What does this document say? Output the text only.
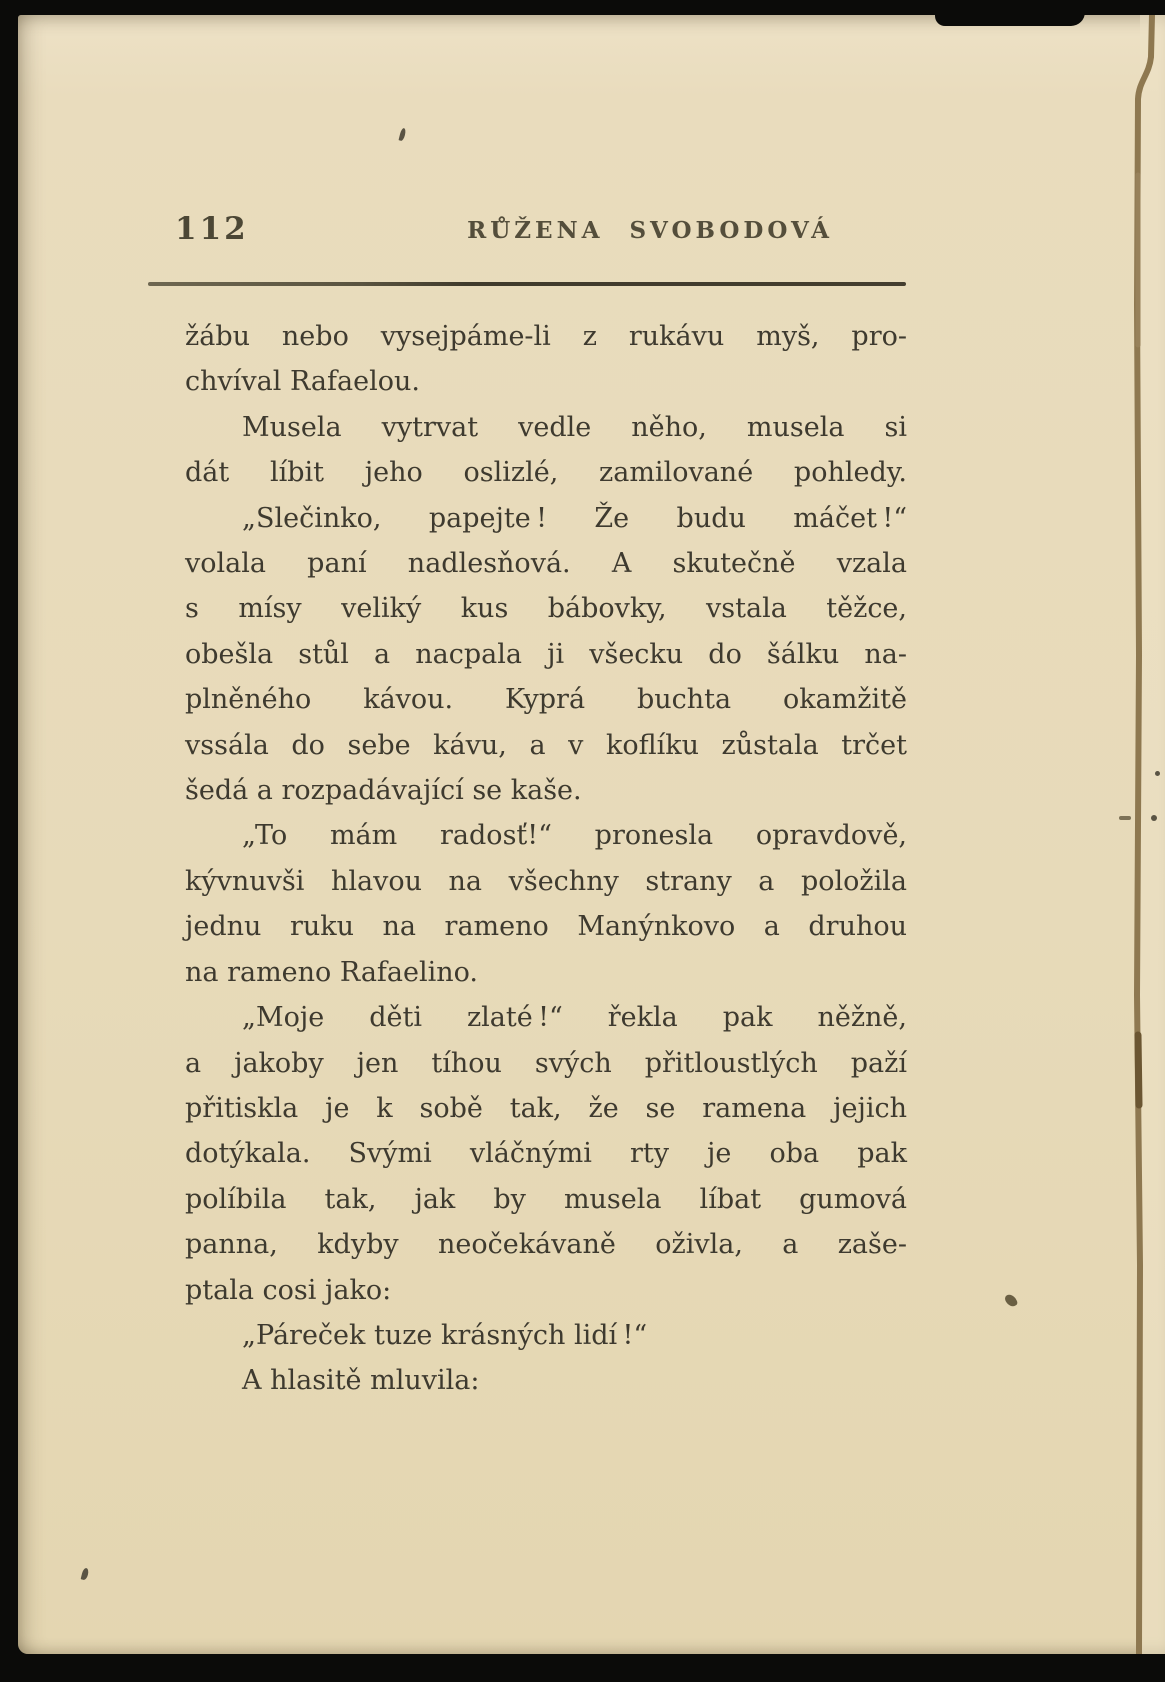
112	RŮŽENA SVOBODOVÁ
žábu nebo vysejpáme-li z rukávu myš, pro-
chvíval Rafaelou.
Musela vytrvat vedle něho, musela si
dát líbit jeho oslizlé, zamilované pohledy.
„Slečinko, papejte ! Že budu máčet !“
volala paní nadlesňová. A skutečně vzala
s mísy veliký kus bábovky, vstala těžce,
obešla stůl a nacpala ji všecku do šálku na-
plněného kávou. Kyprá buchta okamžitě
vssála do sebe kávu, a v koflíku zůstala trčet
šedá a rozpadávající se kaše.
„To mám radosť!“ pronesla opravdově,
kývnuvši hlavou na všechny strany a položila
jednu ruku na rameno Manýnkovo a druhou
na rameno Rafaelino.
„Moje děti zlaté !“ řekla pak něžně,
a jakoby jen tíhou svých přitloustlých paží
přitiskla je k sobě tak, že se ramena jejich
dotýkala. Svými vláčnými rty je oba pak
políbila tak, jak by musela líbat gumová
panna, kdyby neočekávaně oživla, a zaše-
ptala cosi jako:
„Páreček tuze krásných lidí !“
A hlasitě mluvila:
